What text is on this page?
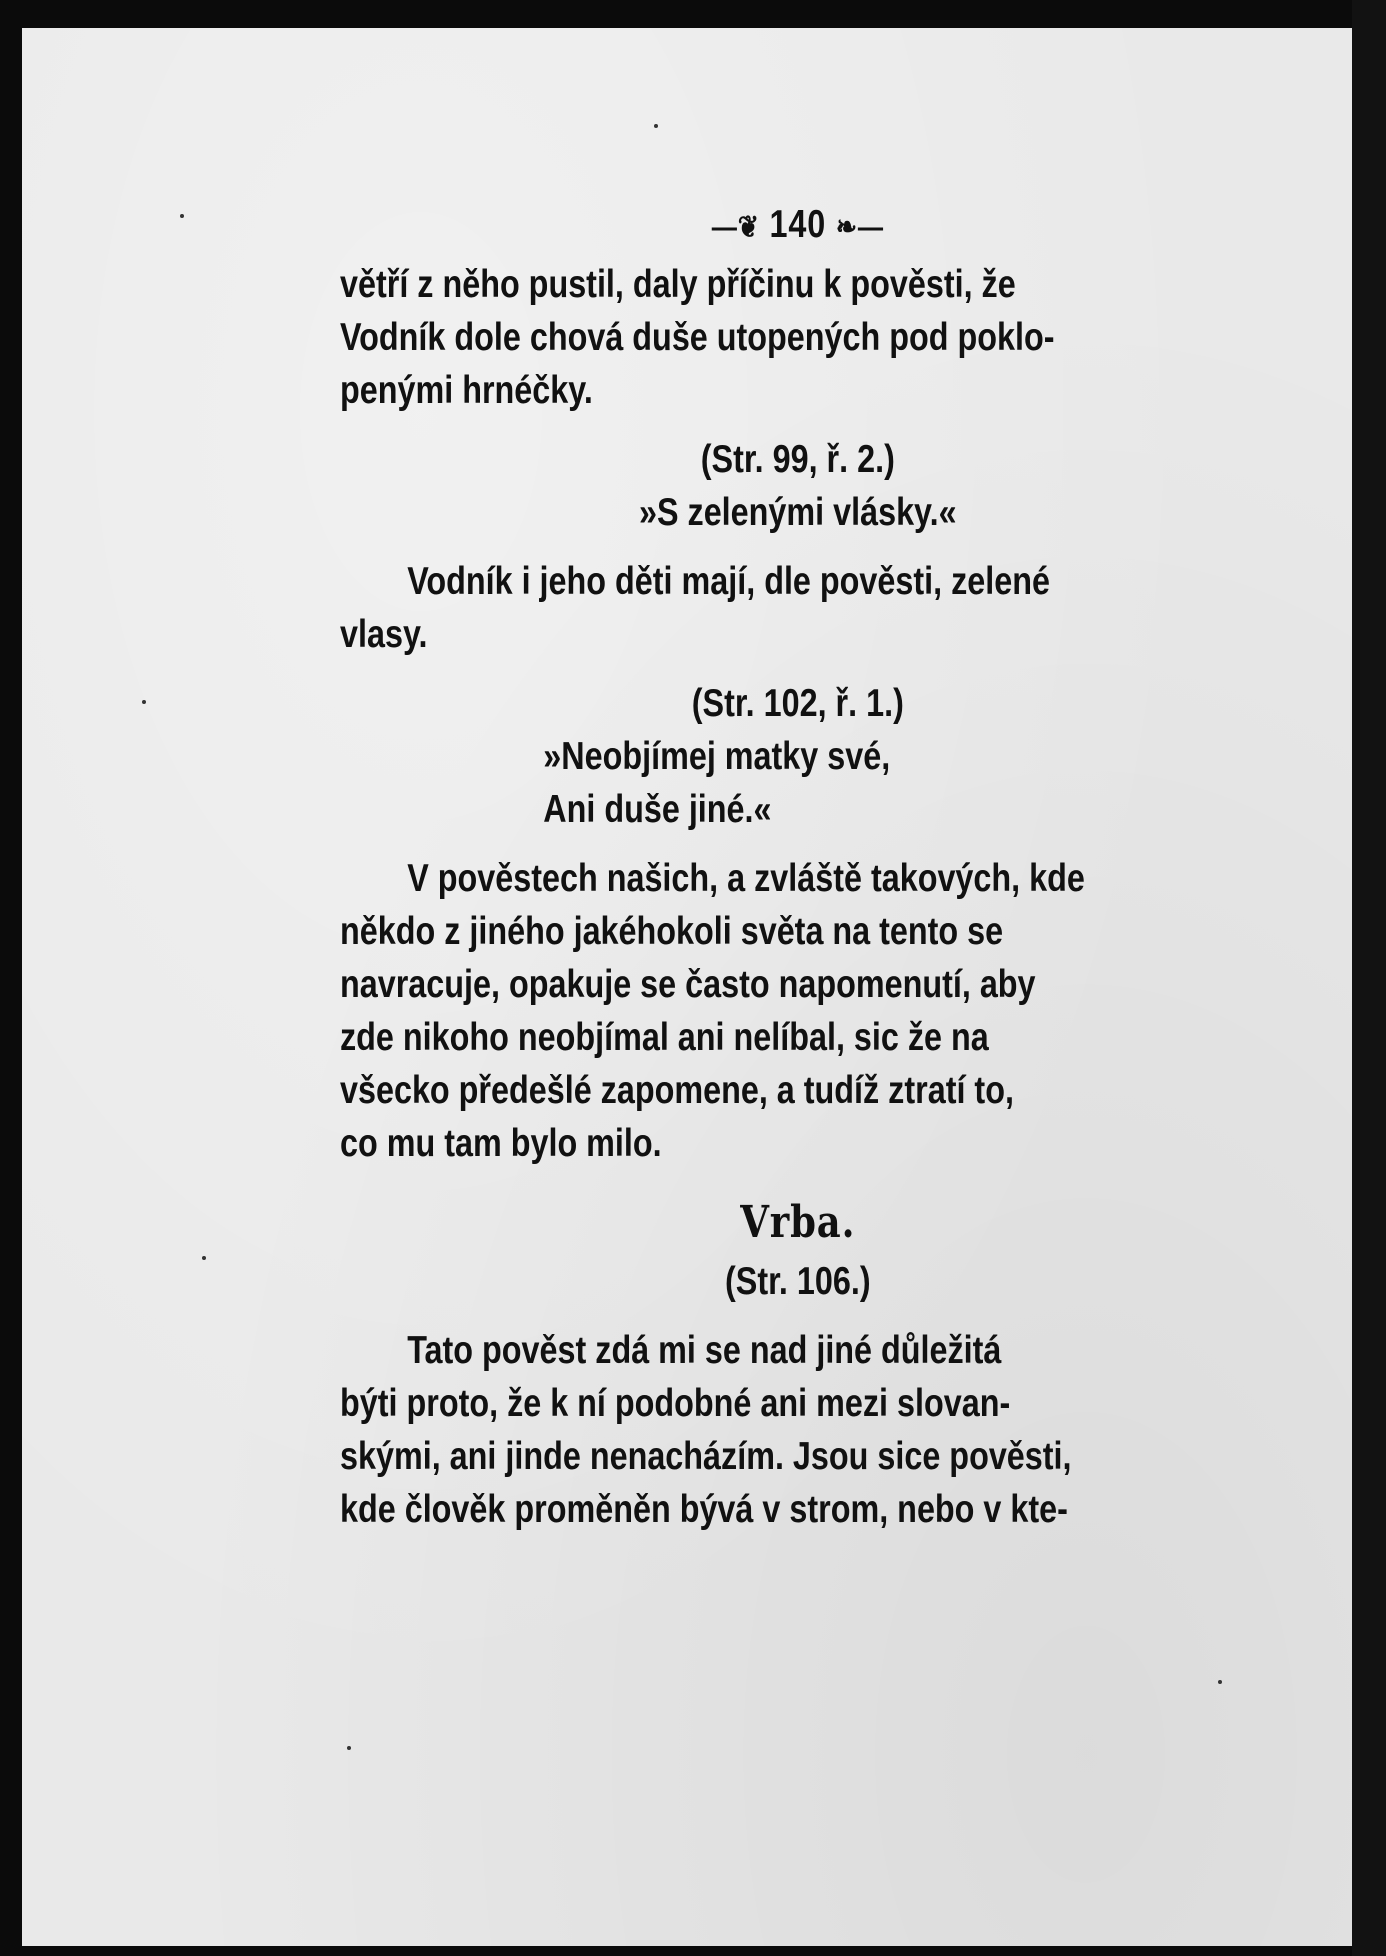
—❦ 140 ❧—

větří z něho pustil, daly příčinu k pověsti, že

Vodník dole chová duše utopených pod poklo-

penými hrnéčky.

(Str. 99, ř. 2.)

»S zelenými vlásky.«

Vodník i jeho děti mají, dle pověsti, zelené

vlasy.

(Str. 102, ř. 1.)

»Neobjímej matky své,

Ani duše jiné.«

V pověstech našich, a zvláště takových, kde

někdo z jiného jakéhokoli světa na tento se

navracuje, opakuje se často napomenutí, aby

zde nikoho neobjímal ani nelíbal, sic že na

všecko předešlé zapomene, a tudíž ztratí to,

co mu tam bylo milo.

Vrba.

(Str. 106.)

Tato pověst zdá mi se nad jiné důležitá

býti proto, že k ní podobné ani mezi slovan-

skými, ani jinde nenacházím. Jsou sice pověsti,

kde člověk proměněn bývá v strom, nebo v kte-
